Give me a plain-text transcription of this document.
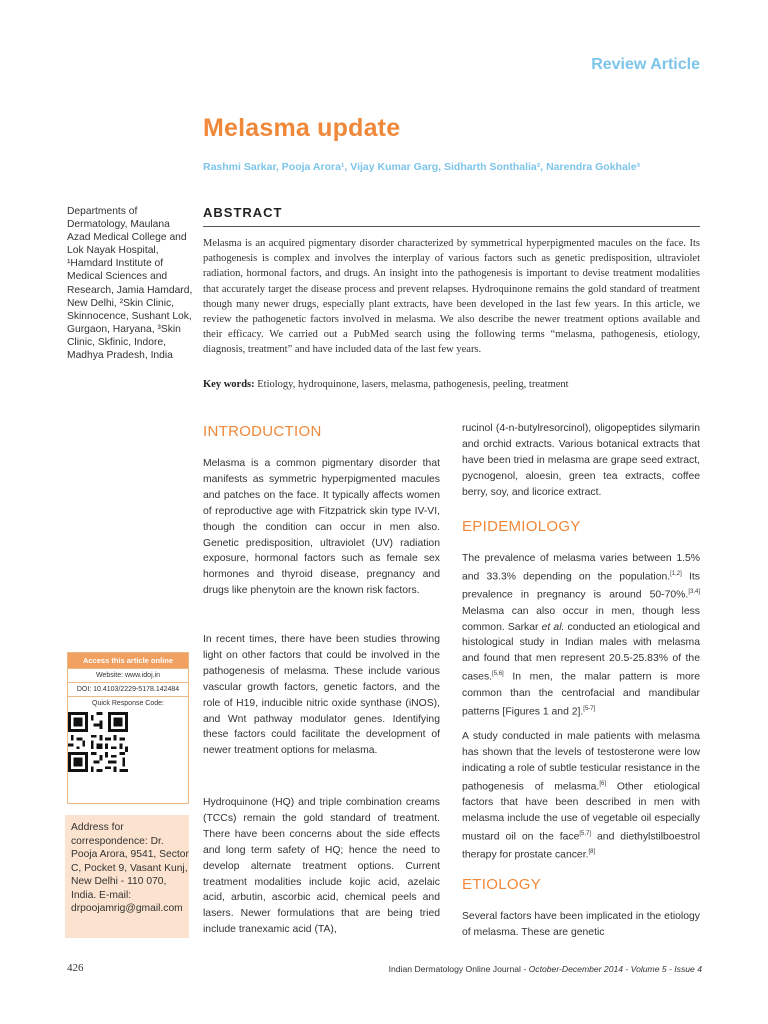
Review Article
Melasma update
Rashmi Sarkar, Pooja Arora¹, Vijay Kumar Garg, Sidharth Sonthalia², Narendra Gokhale³
Departments of Dermatology, Maulana Azad Medical College and Lok Nayak Hospital, ¹Hamdard Institute of Medical Sciences and Research, Jamia Hamdard, New Delhi, ²Skin Clinic, Skinnocence, Sushant Lok, Gurgaon, Haryana, ³Skin Clinic, Skfinic, Indore, Madhya Pradesh, India
ABSTRACT
Melasma is an acquired pigmentary disorder characterized by symmetrical hyperpigmented macules on the face. Its pathogenesis is complex and involves the interplay of various factors such as genetic predisposition, ultraviolet radiation, hormonal factors, and drugs. An insight into the pathogenesis is important to devise treatment modalities that accurately target the disease process and prevent relapses. Hydroquinone remains the gold standard of treatment though many newer drugs, especially plant extracts, have been developed in the last few years. In this article, we review the pathogenetic factors involved in melasma. We also describe the newer treatment options available and their efficacy. We carried out a PubMed search using the following terms “melasma, pathogenesis, etiology, diagnosis, treatment” and have included data of the last few years.
Key words: Etiology, hydroquinone, lasers, melasma, pathogenesis, peeling, treatment
INTRODUCTION
Melasma is a common pigmentary disorder that manifests as symmetric hyperpigmented macules and patches on the face. It typically affects women of reproductive age with Fitzpatrick skin type IV-VI, though the condition can occur in men also. Genetic predisposition, ultraviolet (UV) radiation exposure, hormonal factors such as female sex hormones and thyroid disease, pregnancy and drugs like phenytoin are the known risk factors.
In recent times, there have been studies throwing light on other factors that could be involved in the pathogenesis of melasma. These include various vascular growth factors, genetic factors, and the role of H19, inducible nitric oxide synthase (iNOS), and Wnt pathway modulator genes. Identifying these factors could facilitate the development of newer treatment options for melasma.
Hydroquinone (HQ) and triple combination creams (TCCs) remain the gold standard of treatment. There have been concerns about the side effects and long term safety of HQ; hence the need to develop alternate treatment options. Current treatment modalities include kojic acid, azelaic acid, arbutin, ascorbic acid, chemical peels and lasers. Newer formulations that are being tried include tranexamic acid (TA),
rucinol (4-n-butylresorcinol), oligopeptides silymarin and orchid extracts. Various botanical extracts that have been tried in melasma are grape seed extract, pycnogenol, aloesin, green tea extracts, coffee berry, soy, and licorice extract.
EPIDEMIOLOGY
The prevalence of melasma varies between 1.5% and 33.3% depending on the population.[1,2] Its prevalence in pregnancy is around 50-70%.[3,4] Melasma can also occur in men, though less common. Sarkar et al. conducted an etiological and histological study in Indian males with melasma and found that men represent 20.5-25.83% of the cases.[5,6] In men, the malar pattern is more common than the centrofacial and mandibular patterns [Figures 1 and 2].[5-7]
A study conducted in male patients with melasma has shown that the levels of testosterone were low indicating a role of subtle testicular resistance in the pathogenesis of melasma.[6] Other etiological factors that have been described in men with melasma include the use of vegetable oil especially mustard oil on the face[5,7] and diethylstilboestrol therapy for prostate cancer.[8]
ETIOLOGY
Several factors have been implicated in the etiology of melasma. These are genetic
Access this article online
Website: www.idoj.in
DOI: 10.4103/2229-5178.142484
Quick Response Code:
Address for correspondence: Dr. Pooja Arora, 9541, Sector C, Pocket 9, Vasant Kunj, New Delhi - 110 070, India. E-mail: drpoojamrig@gmail.com
426	Indian Dermatology Online Journal - October-December 2014 - Volume 5 - Issue 4
